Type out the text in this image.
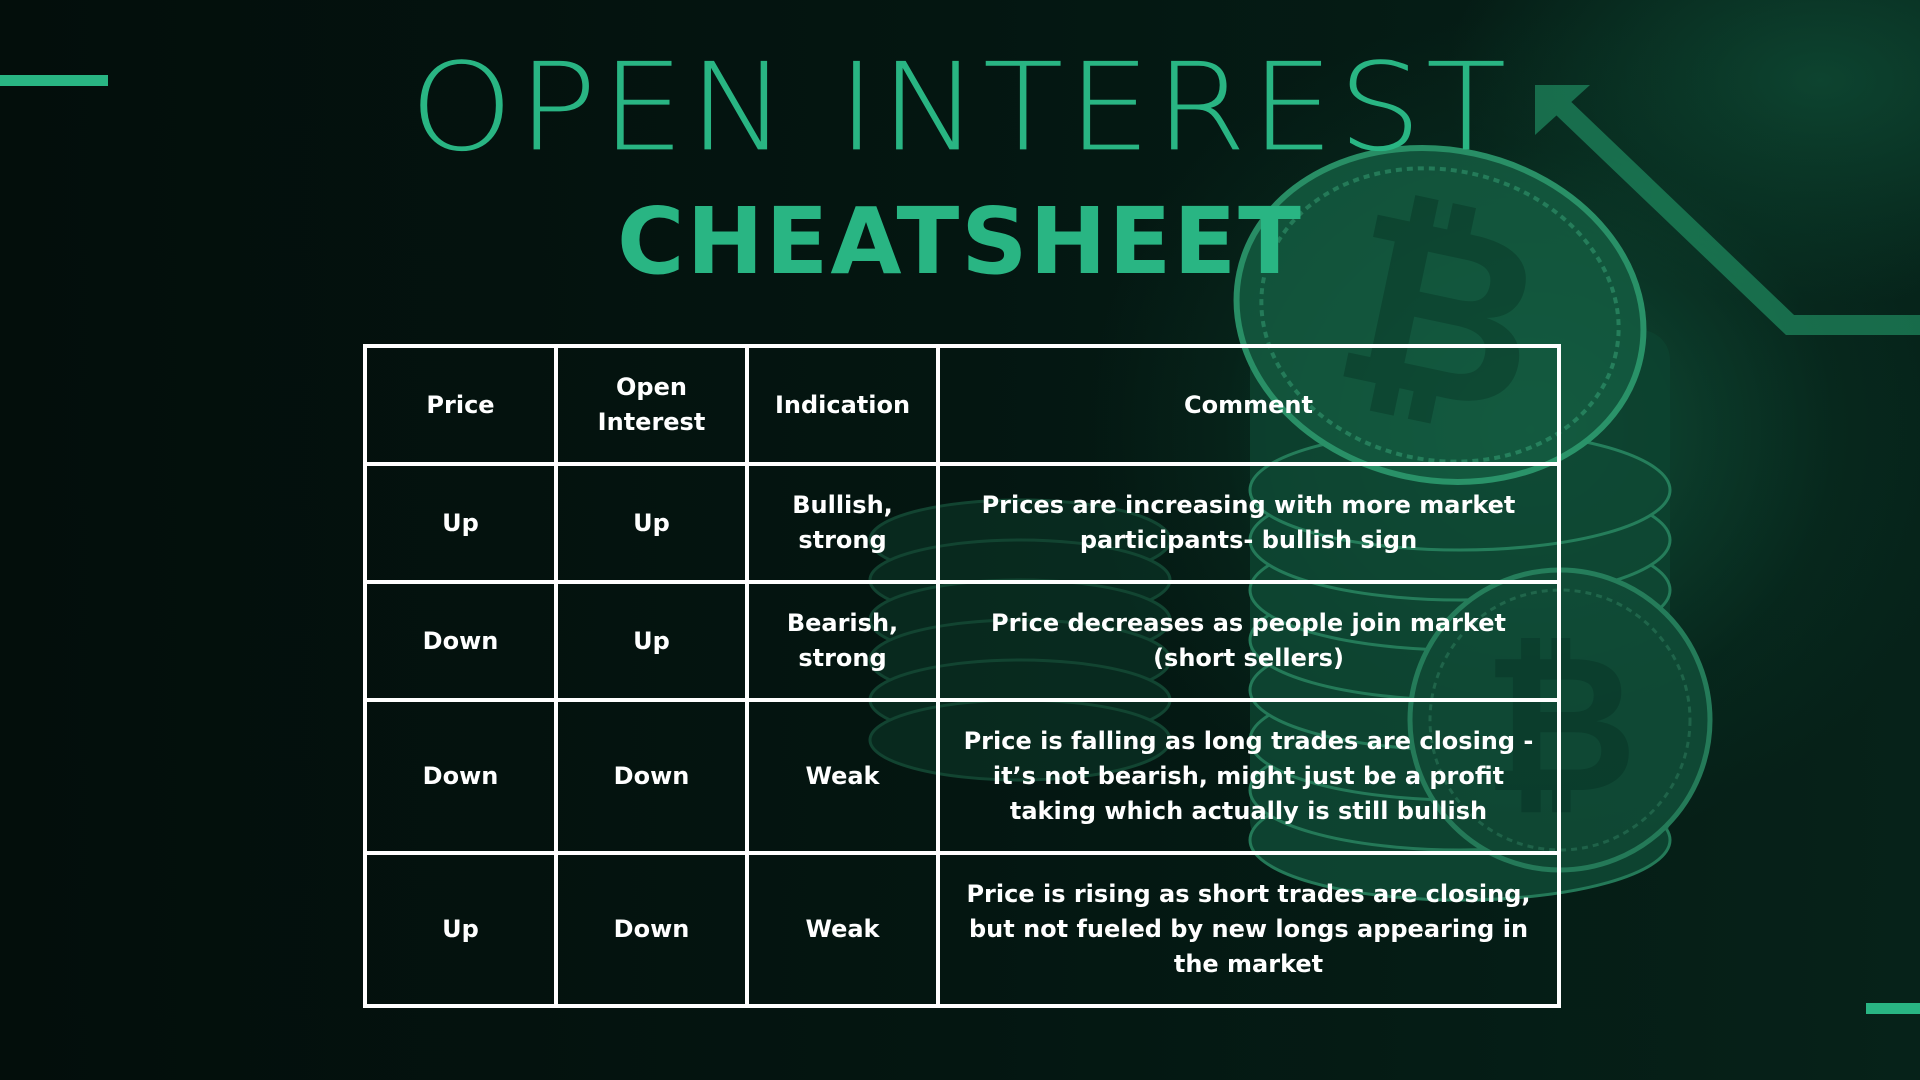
₿
₿
OPEN INTEREST
CHEATSHEET
Price	Open Interest	Indication	Comment
Up	Up	Bullish, strong	Prices are increasing with more market participants- bullish sign
Down	Up	Bearish, strong	Price decreases as people join market (short sellers)
Down	Down	Weak	Price is falling as long trades are closing - it’s not bearish, might just be a profit taking which actually is still bullish
Up	Down	Weak	Price is rising as short trades are closing, but not fueled by new longs appearing in the market
